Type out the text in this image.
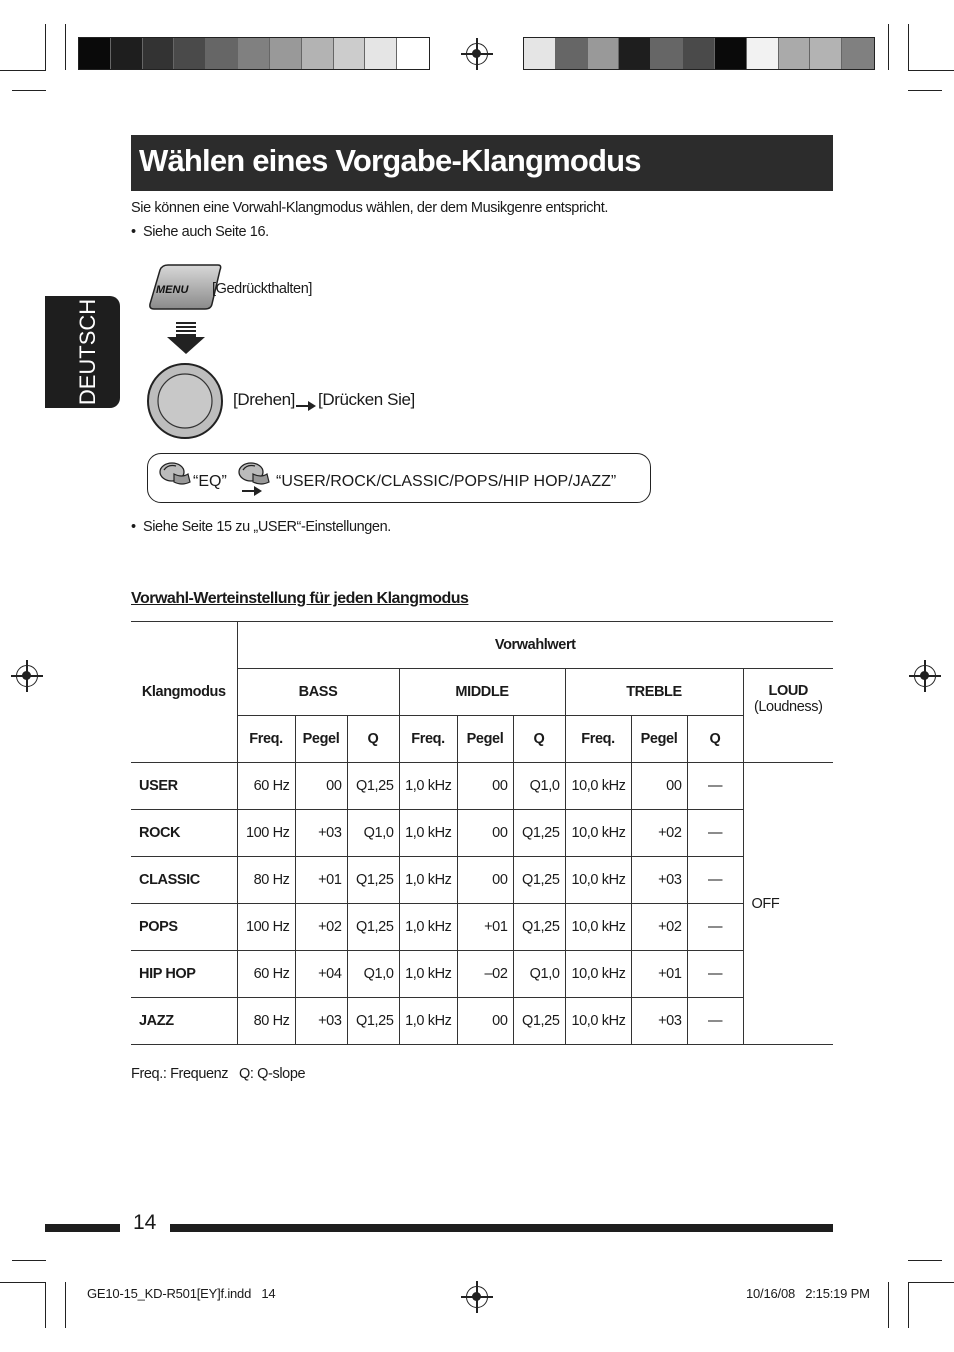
Wählen eines Vorgabe-Klangmodus
Sie können eine Vorwahl-Klangmodus wählen, der dem Musikgenre entspricht.
•  Siehe auch Seite 16.
DEUTSCH
MENU [Gedrückthalten]
[Drehen] [Drücken Sie]
“EQ”	“USER/ROCK/CLASSIC/POPS/HIP HOP/JAZZ”
•  Siehe Seite 15 zu „USER“-Einstellungen.
Vorwahl-Werteinstellung für jeden Klangmodus
Klangmodus	Vorwahlwert									
	BASS			MIDDLE			TREBLE			LOUD
(Loudness)

	Freq.	Pegel	Q	Freq.	Pegel	Q	Freq.	Pegel	Q	
USER	60 Hz	00	Q1,25	1,0 kHz	00	Q1,0	10,0 kHz	00	—	OFF
ROCK	100 Hz	+03	Q1,0	1,0 kHz	00	Q1,25	10,0 kHz	+02	—	
CLASSIC	80 Hz	+01	Q1,25	1,0 kHz	00	Q1,25	10,0 kHz	+03	—	
POPS	100 Hz	+02	Q1,25	1,0 kHz	+01	Q1,25	10,0 kHz	+02	—	
HIP HOP	60 Hz	+04	Q1,0	1,0 kHz	–02	Q1,0	10,0 kHz	+01	—	
JAZZ	80 Hz	+03	Q1,25	1,0 kHz	00	Q1,25	10,0 kHz	+03	—	
Freq.: Frequenz   Q: Q-slope
14
GE10-15_KD-R501[EY]f.indd   14	10/16/08   2:15:19 PM
